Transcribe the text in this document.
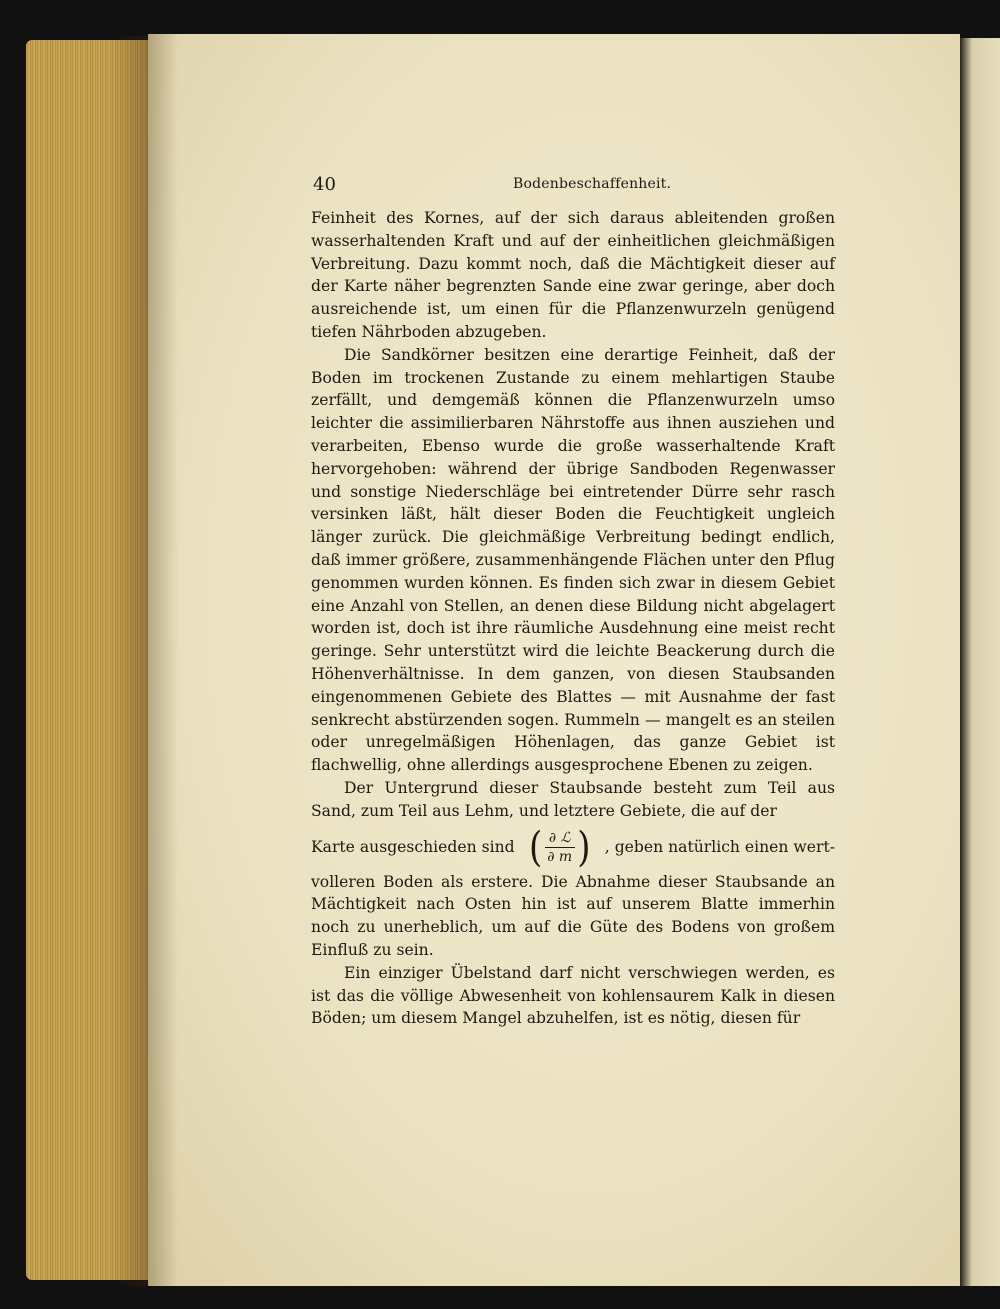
40	Bodenbeschaffenheit.

Feinheit des Kornes, auf der sich daraus ableitenden großen wasserhaltenden Kraft und auf der einheitlichen gleichmäßigen Verbreitung. Dazu kommt noch, daß die Mächtigkeit dieser auf der Karte näher begrenzten Sande eine zwar geringe, aber doch ausreichende ist, um einen für die Pflanzenwurzeln genügend tiefen Nährboden abzugeben.

Die Sandkörner besitzen eine derartige Feinheit, daß der Boden im trockenen Zustande zu einem mehlartigen Staube zerfällt, und demgemäß können die Pflanzenwurzeln umso leichter die assimilierbaren Nährstoffe aus ihnen ausziehen und verarbeiten, Ebenso wurde die große wasserhaltende Kraft hervorgehoben: während der übrige Sandboden Regenwasser und sonstige Niederschläge bei eintretender Dürre sehr rasch versinken läßt, hält dieser Boden die Feuchtigkeit ungleich länger zurück. Die gleichmäßige Verbreitung bedingt endlich, daß immer größere, zusammenhängende Flächen unter den Pflug genommen wurden können. Es finden sich zwar in diesem Gebiet eine Anzahl von Stellen, an denen diese Bildung nicht abgelagert worden ist, doch ist ihre räumliche Ausdehnung eine meist recht geringe. Sehr unterstützt wird die leichte Beackerung durch die Höhenverhältnisse. In dem ganzen, von diesen Staubsanden eingenommenen Gebiete des Blattes — mit Ausnahme der fast senkrecht abstürzenden sogen. Rummeln — mangelt es an steilen oder unregelmäßigen Höhenlagen, das ganze Gebiet ist flachwellig, ohne allerdings ausgesprochene Ebenen zu zeigen.

Der Untergrund dieser Staubsande besteht zum Teil aus Sand, zum Teil aus Lehm, und letztere Gebiete, die auf der

Karte ausgeschieden sind ( $\frac{\text{∂ ℒ}}{\partial m}$ ) , geben natürlich einen wert-

volleren Boden als erstere. Die Abnahme dieser Staubsande an Mächtigkeit nach Osten hin ist auf unserem Blatte immerhin noch zu unerheblich, um auf die Güte des Bodens von großem Einfluß zu sein.

Ein einziger Übelstand darf nicht verschwiegen werden, es ist das die völlige Abwesenheit von kohlensaurem Kalk in diesen Böden; um diesem Mangel abzuhelfen, ist es nötig, diesen für
